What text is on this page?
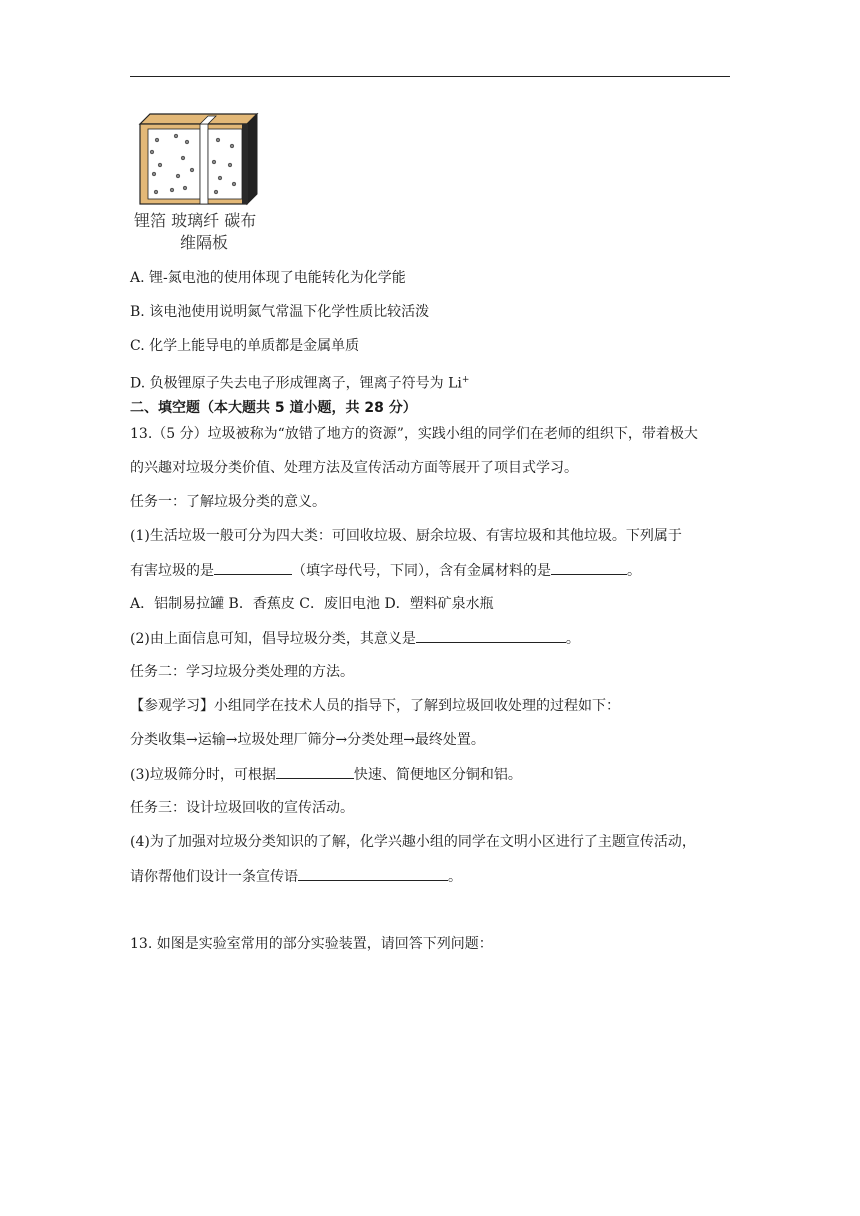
锂箔 玻璃纤 碳布
维隔板
A. 锂-氮电池的使用体现了电能转化为化学能
B. 该电池使用说明氮气常温下化学性质比较活泼
C. 化学上能导电的单质都是金属单质
D. 负极锂原子失去电子形成锂离子，锂离子符号为 Li+
二、填空题（本大题共 5 道小题，共 28 分）
13.（5 分）垃圾被称为“放错了地方的资源”，实践小组的同学们在老师的组织下，带着极大
的兴趣对垃圾分类价值、处理方法及宣传活动方面等展开了项目式学习。
任务一：了解垃圾分类的意义。
(1)生活垃圾一般可分为四大类：可回收垃圾、厨余垃圾、有害垃圾和其他垃圾。下列属于
有害垃圾的是	（填字母代号，下同），含有金属材料的是	。
A．铝制易拉罐 B．香蕉皮 C．废旧电池 D．塑料矿泉水瓶
(2)由上面信息可知，倡导垃圾分类，其意义是	。
任务二：学习垃圾分类处理的方法。
【参观学习】小组同学在技术人员的指导下，了解到垃圾回收处理的过程如下：
分类收集→运输→垃圾处理厂筛分→分类处理→最终处置。
(3)垃圾筛分时，可根据	快速、简便地区分铜和铝。
任务三：设计垃圾回收的宣传活动。
(4)为了加强对垃圾分类知识的了解，化学兴趣小组的同学在文明小区进行了主题宣传活动，
请你帮他们设计一条宣传语	。
13. 如图是实验室常用的部分实验装置，请回答下列问题：
